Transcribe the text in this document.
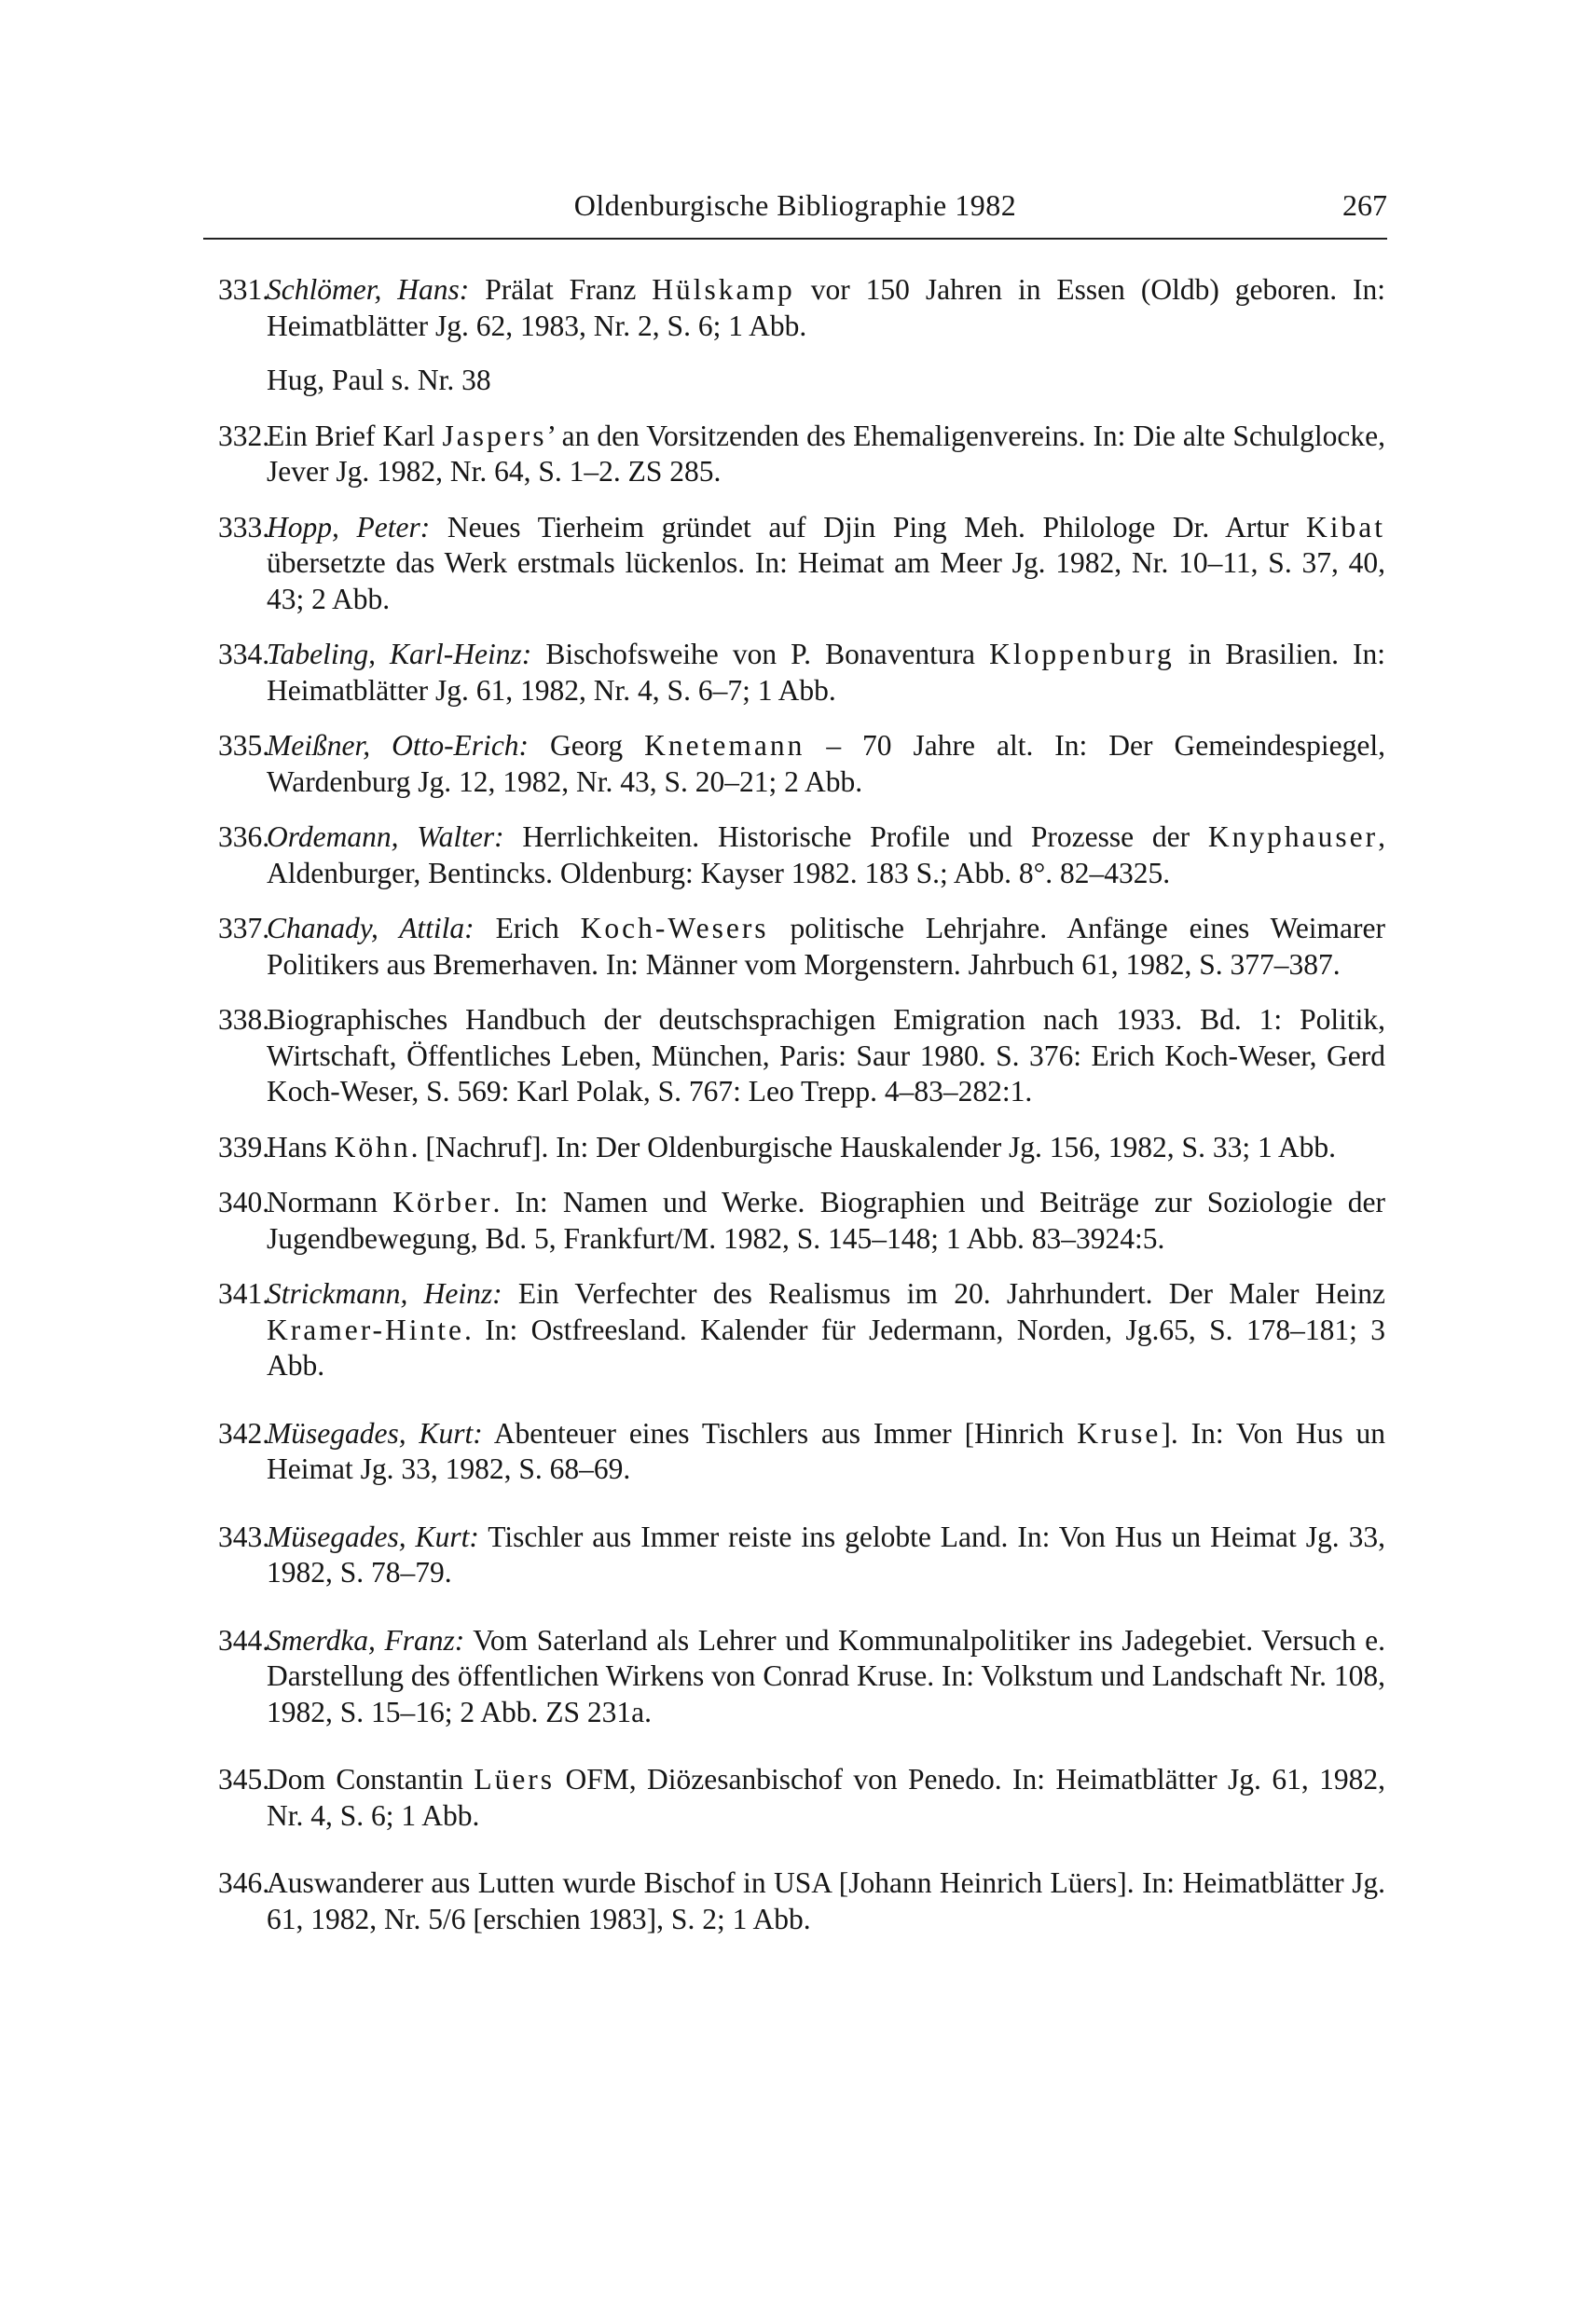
Oldenburgische Bibliographie 1982	267
331.
Schlömer, Hans: Prälat Franz Hülskamp vor 150 Jahren in Essen (Oldb) geboren. In: Heimatblätter Jg. 62, 1983, Nr. 2, S. 6; 1 Abb.
Hug, Paul s. Nr. 38
332.
Ein Brief Karl Jaspers’ an den Vorsitzenden des Ehemaligenvereins. In: Die alte Schulglocke, Jever Jg. 1982, Nr. 64, S. 1–2. ZS 285.
333.
Hopp, Peter: Neues Tierheim gründet auf Djin Ping Meh. Philologe Dr. Artur Kibat übersetzte das Werk erstmals lückenlos. In: Heimat am Meer Jg. 1982, Nr. 10–11, S. 37, 40, 43; 2 Abb.
334.
Tabeling, Karl-Heinz: Bischofsweihe von P. Bonaventura Kloppenburg in Brasilien. In: Heimatblätter Jg. 61, 1982, Nr. 4, S. 6–7; 1 Abb.
335.
Meißner, Otto-Erich: Georg Knetemann – 70 Jahre alt. In: Der Gemeindespiegel, Wardenburg Jg. 12, 1982, Nr. 43, S. 20–21; 2 Abb.
336.
Ordemann, Walter: Herrlichkeiten. Historische Profile und Prozesse der Knyphauser, Aldenburger, Bentincks. Oldenburg: Kayser 1982. 183 S.; Abb. 8°. 82–4325.
337.
Chanady, Attila: Erich Koch-Wesers politische Lehrjahre. Anfänge eines Weimarer Politikers aus Bremerhaven. In: Männer vom Morgenstern. Jahrbuch 61, 1982, S. 377–387.
338.
Biographisches Handbuch der deutschsprachigen Emigration nach 1933. Bd. 1: Politik, Wirtschaft, Öffentliches Leben, München, Paris: Saur 1980. S. 376: Erich Koch-Weser, Gerd Koch-Weser, S. 569: Karl Polak, S. 767: Leo Trepp. 4–83–282:1.
339.
Hans Köhn. [Nachruf]. In: Der Oldenburgische Hauskalender Jg. 156, 1982, S. 33; 1 Abb.
340.
Normann Körber. In: Namen und Werke. Biographien und Beiträge zur Soziologie der Jugendbewegung, Bd. 5, Frankfurt/M. 1982, S. 145–148; 1 Abb. 83–3924:5.
341.
Strickmann, Heinz: Ein Verfechter des Realismus im 20. Jahrhundert. Der Maler Heinz Kramer-Hinte. In: Ostfreesland. Kalender für Jedermann, Norden, Jg.65, S. 178–181; 3 Abb.
342.
Müsegades, Kurt: Abenteuer eines Tischlers aus Immer [Hinrich Kruse]. In: Von Hus un Heimat Jg. 33, 1982, S. 68–69.
343.
Müsegades, Kurt: Tischler aus Immer reiste ins gelobte Land. In: Von Hus un Heimat Jg. 33, 1982, S. 78–79.
344.
Smerdka, Franz: Vom Saterland als Lehrer und Kommunalpolitiker ins Jadegebiet. Versuch e. Darstellung des öffentlichen Wirkens von Conrad Kruse. In: Volkstum und Landschaft Nr. 108, 1982, S. 15–16; 2 Abb. ZS 231a.
345.
Dom Constantin Lüers OFM, Diözesanbischof von Penedo. In: Heimatblätter Jg. 61, 1982, Nr. 4, S. 6; 1 Abb.
346.
Auswanderer aus Lutten wurde Bischof in USA [Johann Heinrich Lüers]. In: Heimatblätter Jg. 61, 1982, Nr. 5/6 [erschien 1983], S. 2; 1 Abb.
